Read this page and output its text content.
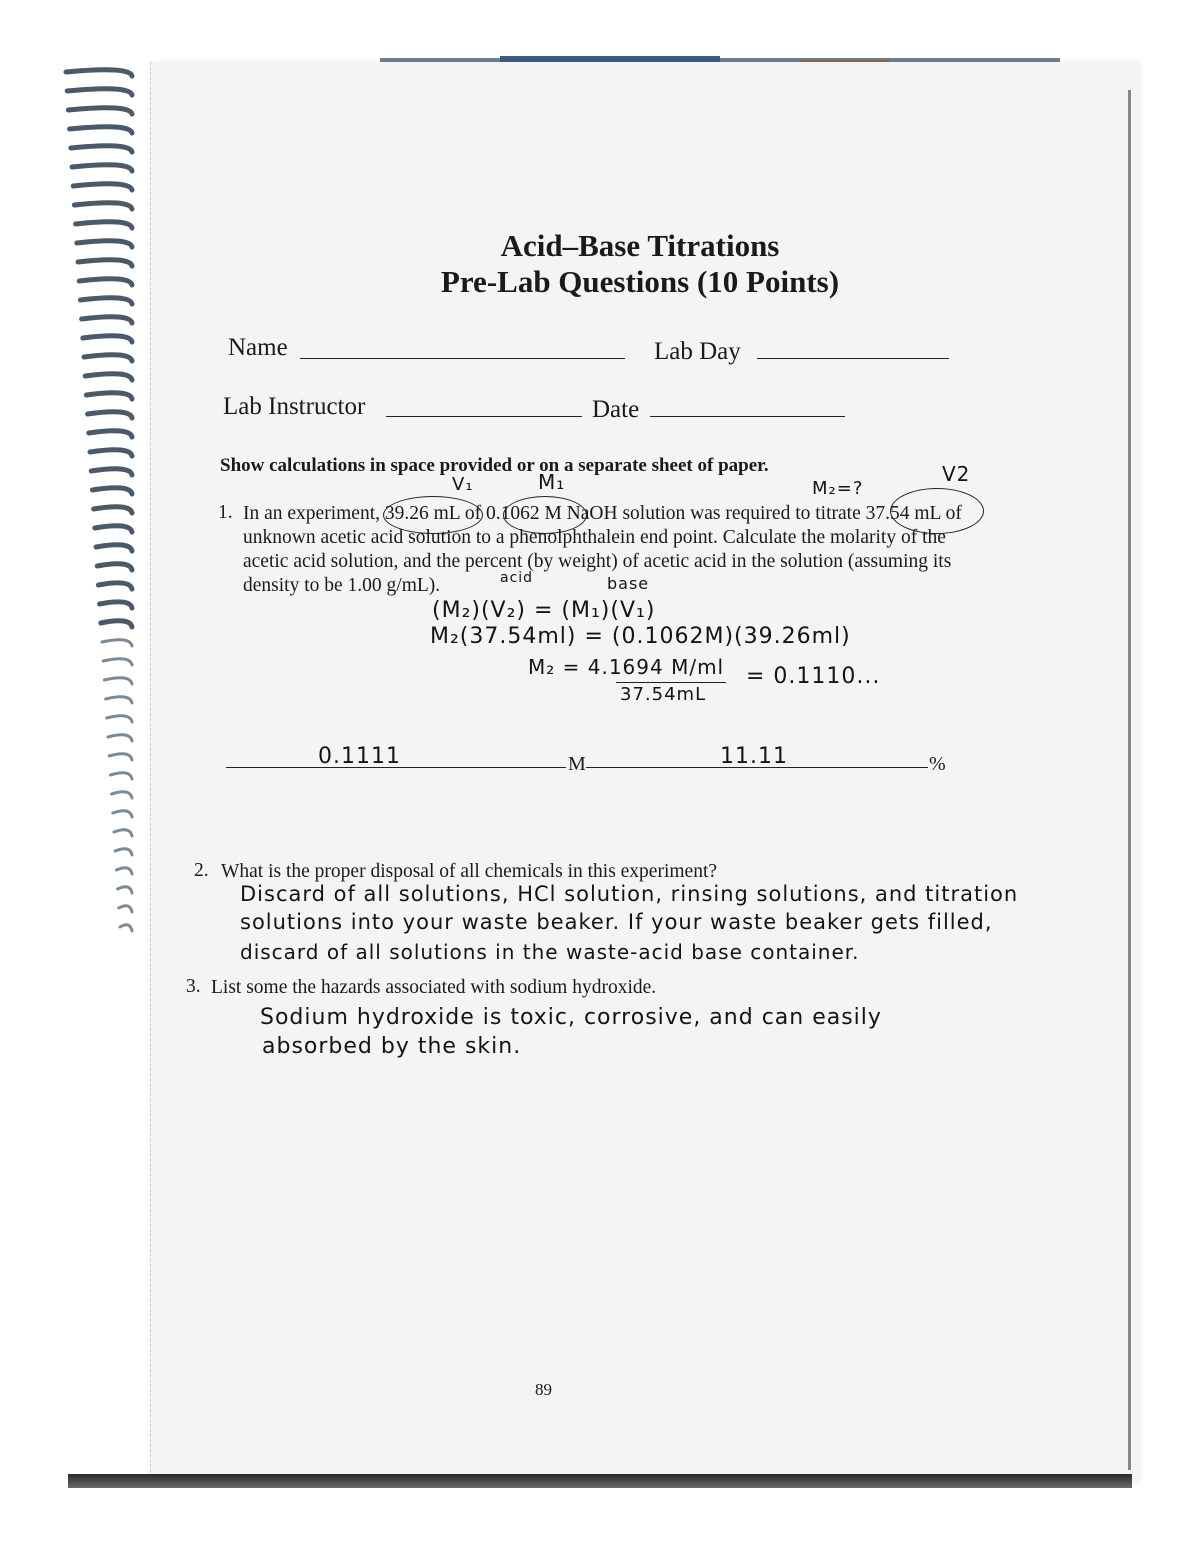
Acid–Base Titrations
Pre-Lab Questions (10 Points)
Name	Lab Day
Lab Instructor	Date
Show calculations in space provided or on a separate sheet of paper.
1. In an experiment, 39.26 mL of 0.1062 M NaOH solution was required to titrate 37.54 mL of
unknown acetic acid solution to a phenolphthalein end point. Calculate the molarity of the
acetic acid solution, and the percent (by weight) of acetic acid in the solution (assuming its
density to be 1.00 g/mL).
V₁	M₁	M₂=?
V2
acid	base
(M₂)(V₂) = (M₁)(V₁)
M₂(37.54ml) = (0.1062M)(39.26ml)
M₂ = 4.1694 M/ml
37.54mL
= 0.1110...
0.1111	M	11.11	%
2. What is the proper disposal of all chemicals in this experiment?
Discard of all solutions, HCl solution, rinsing solutions, and titration
solutions into your waste beaker. If your waste beaker gets filled,
discard of all solutions in the waste-acid base container.
3. List some the hazards associated with sodium hydroxide.
Sodium hydroxide is toxic, corrosive, and can easily
absorbed by the skin.
89
